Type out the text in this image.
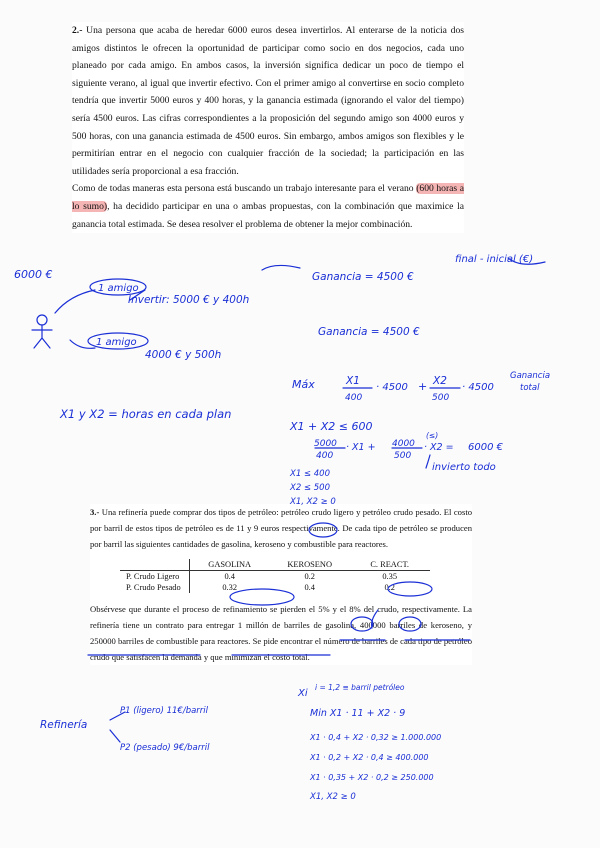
2.- Una persona que acaba de heredar 6000 euros desea invertirlos. Al enterarse de la noticia dos amigos distintos le ofrecen la oportunidad de participar como socio en dos negocios, cada uno planeado por cada amigo. En ambos casos, la inversión significa dedicar un poco de tiempo el siguiente verano, al igual que invertir efectivo. Con el primer amigo al convertirse en socio completo tendría que invertir 5000 euros y 400 horas, y la ganancia estimada (ignorando el valor del tiempo) sería 4500 euros. Las cifras correspondientes a la proposición del segundo amigo son 4000 euros y 500 horas, con una ganancia estimada de 4500 euros. Sin embargo, ambos amigos son flexibles y le permitirían entrar en el negocio con cualquier fracción de la sociedad; la participación en las utilidades sería proporcional a esa fracción.

Como de todas maneras esta persona está buscando un trabajo interesante para el verano (600 horas a lo sumo), ha decidido participar en una o ambas propuestas, con la combinación que maximice la ganancia total estimada. Se desea resolver el problema de obtener la mejor combinación.

3.- Una refinería puede comprar dos tipos de petróleo: petróleo crudo ligero y petróleo crudo pesado. El costo por barril de estos tipos de petróleo es de 11 y 9 euros respectivamente. De cada tipo de petróleo se producen por barril las siguientes cantidades de gasolina, keroseno y combustible para reactores.

	GASOLINA	KEROSENO	C. REACT.
P. Crudo Ligero	0.4	0.2	0.35
P. Crudo Pesado	0.32	0.4	0.2

Obsérvese que durante el proceso de refinamiento se pierden el 5% y el 8% del crudo, respectivamente. La refinería tiene un contrato para entregar 1 millón de barriles de gasolina, 400000 barriles de keroseno, y 250000 barriles de combustible para reactores. Se pide encontrar el número de barriles de cada tipo de petróleo crudo que satisfacen la demanda y que minimizan el costo total.

6000 €
1 amigo
Invertir: 5000 € y 400h
1 amigo
4000 € y 500h
Ganancia = 4500 €
Ganancia = 4500 €
final - inicial (€)
Máx	X1
400
· 4500 + X2
500
· 4500
Ganancia
total
X1 y X2 = horas en cada plan
X1 + X2 ≤ 600
5000
400
· X1 + 4000
500
· X2 = 6000 €
(≤)
invierto todo
X1 ≤ 400
X2 ≤ 500
X1, X2 ≥ 0
Xi
i = 1,2 ≡ barril petróleo
Refinería
P1 (ligero) 11€/barril
P2 (pesado) 9€/barril
Min X1 · 11 + X2 · 9
X1 · 0,4 + X2 · 0,32 ≥ 1.000.000
X1 · 0,2 + X2 · 0,4 ≥ 400.000
X1 · 0,35 + X2 · 0,2 ≥ 250.000
X1, X2 ≥ 0
